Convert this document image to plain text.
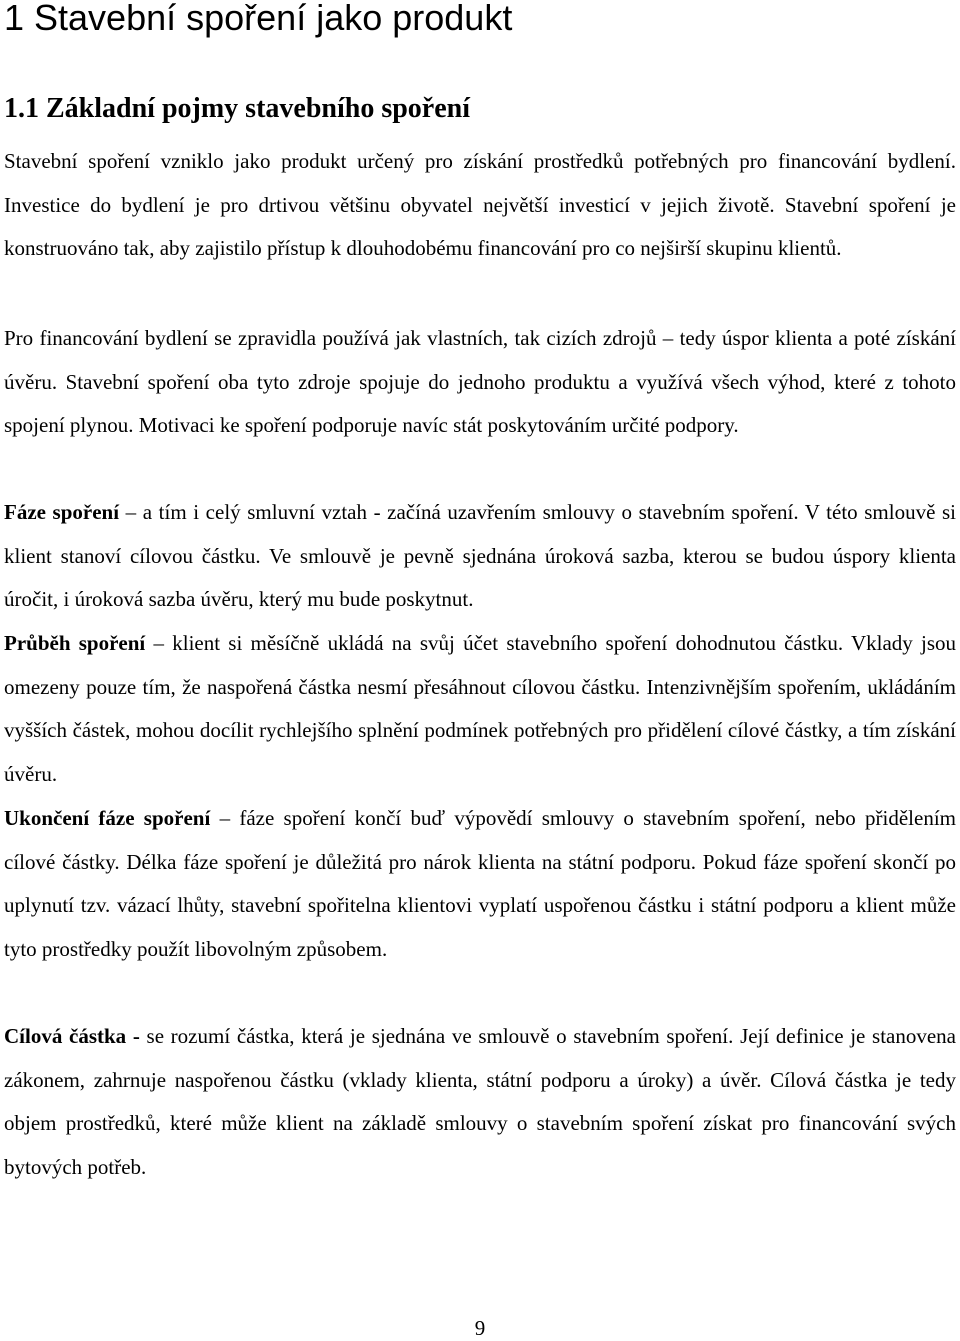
1 Stavební spoření jako produkt
1.1 Základní pojmy stavebního spoření

Stavební spoření vzniklo jako produkt určený pro získání prostředků potřebných pro financování bydlení. Investice do bydlení je pro drtivou většinu obyvatel největší investicí v jejich životě. Stavební spoření je konstruováno tak, aby zajistilo přístup k dlouhodobému financování pro co nejširší skupinu klientů.

Pro financování bydlení se zpravidla používá jak vlastních, tak cizích zdrojů – tedy úspor klienta a poté získání úvěru. Stavební spoření oba tyto zdroje spojuje do jednoho produktu a využívá všech výhod, které z tohoto spojení plynou. Motivaci ke spoření podporuje navíc stát poskytováním určité podpory.

Fáze spoření – a tím i celý smluvní vztah - začíná uzavřením smlouvy o stavebním spoření. V této smlouvě si klient stanoví cílovou částku. Ve smlouvě je pevně sjednána úroková sazba, kterou se budou úspory klienta úročit, i úroková sazba úvěru, který mu bude poskytnut.

Průběh spoření – klient si měsíčně ukládá na svůj účet stavebního spoření dohodnutou částku. Vklady jsou omezeny pouze tím, že naspořená částka nesmí přesáhnout cílovou částku. Intenzivnějším spořením, ukládáním vyšších částek, mohou docílit rychlejšího splnění podmínek potřebných pro přidělení cílové částky, a tím získání úvěru.

Ukončení fáze spoření – fáze spoření končí buď výpovědí smlouvy o stavebním spoření, nebo přidělením cílové částky. Délka fáze spoření je důležitá pro nárok klienta na státní podporu. Pokud fáze spoření skončí po uplynutí tzv. vázací lhůty, stavební spořitelna klientovi vyplatí uspořenou částku i státní podporu a klient může tyto prostředky použít libovolným způsobem.

Cílová částka - se rozumí částka, která je sjednána ve smlouvě o stavebním spoření. Její definice je stanovena zákonem, zahrnuje naspořenou částku (vklady klienta, státní podporu a úroky) a úvěr. Cílová částka je tedy objem prostředků, které může klient na základě smlouvy o stavebním spoření získat pro financování svých bytových potřeb.

9
